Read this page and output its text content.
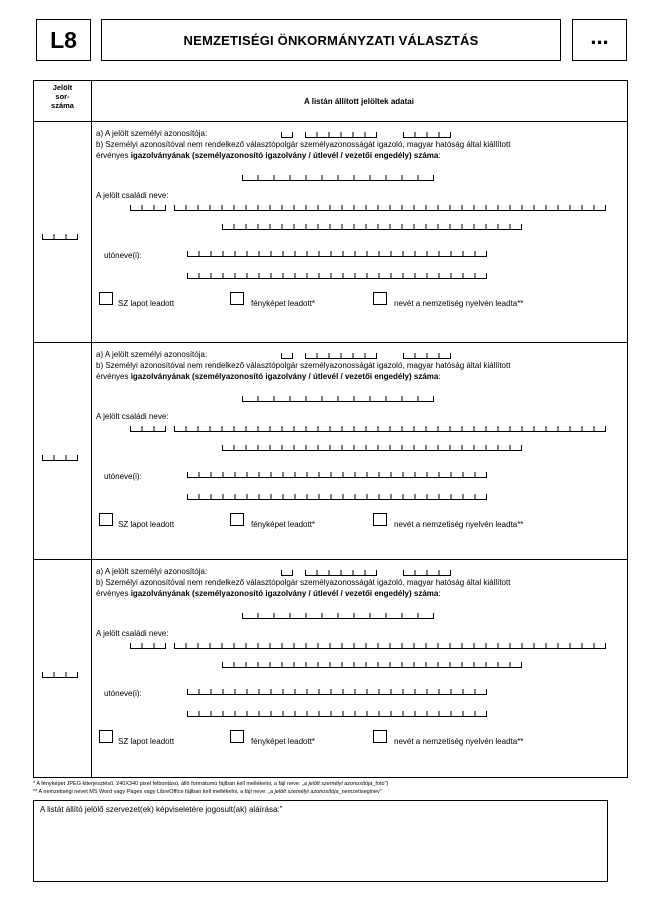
L8	NEMZETISÉGI ÖNKORMÁNYZATI VÁLASZTÁS	...
Jelölt
sor-
száma	A listán állított jelöltek adatai
a) A jelölt személyi azonosítója:
b) Személyi azonosítóval nem rendelkező választópolgár személyazonosságát igazoló, magyar hatóság által kiállított
érvényes igazolványának (személyazonosító igazolvány / útlevél / vezetői engedély) száma:
A jelölt családi neve:
utóneve(i):
SZ lapot leadott	fényképet leadott*	nevét a nemzetiség nyelvén leadta**
a) A jelölt személyi azonosítója:
b) Személyi azonosítóval nem rendelkező választópolgár személyazonosságát igazoló, magyar hatóság által kiállított
érvényes igazolványának (személyazonosító igazolvány / útlevél / vezetői engedély) száma:
A jelölt családi neve:
utóneve(i):
SZ lapot leadott	fényképet leadott*	nevét a nemzetiség nyelvén leadta**
a) A jelölt személyi azonosítója:
b) Személyi azonosítóval nem rendelkező választópolgár személyazonosságát igazoló, magyar hatóság által kiállított
érvényes igazolványának (személyazonosító igazolvány / útlevél / vezetői engedély) száma:
A jelölt családi neve:
utóneve(i):
SZ lapot leadott	fényképet leadott*	nevét a nemzetiség nyelvén leadta**
* A fényképet JPEG kiterjesztésű, 240X340 pixel felbontású, álló formátumú fájlban kell mellékelni, a fájl neve: „a jelölt személyi azonosítója_foto”)
** A nemzetiségi nevet MS Word vagy Pages vagy LibreOffice fájlban kell mellékelni, a fájl neve: „a jelölt személyi azonosítója_nemzetiseginev”
A listát állító jelölő szervezet(ek) képviseletére jogosult(ak) aláírása:”
